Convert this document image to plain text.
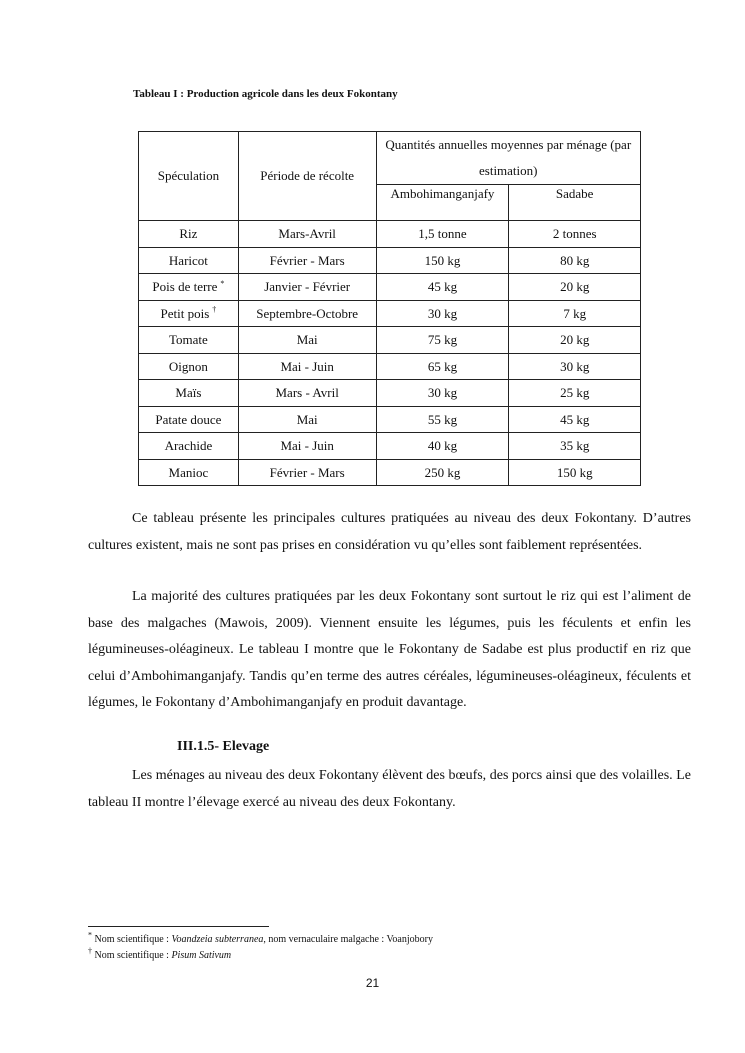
Tableau I : Production agricole dans les deux Fokontany
Spéculation	Période de récolte	Quantités annuelles moyennes par ménage (par estimation)	
		Ambohimanganjafy	Sadabe
Riz	Mars-Avril	1,5 tonne	2 tonnes
Haricot	Février - Mars	150 kg	80 kg
Pois de terre *	Janvier - Février	45 kg	20 kg
Petit pois †	Septembre-Octobre	30 kg	7 kg
Tomate	Mai	75 kg	20 kg
Oignon	Mai - Juin	65 kg	30 kg
Maïs	Mars - Avril	30 kg	25 kg
Patate douce	Mai	55 kg	45 kg
Arachide	Mai - Juin	40 kg	35 kg
Manioc	Février - Mars	250 kg	150 kg

Ce tableau présente les principales cultures pratiquées au niveau des deux Fokontany. D’autres cultures existent, mais ne sont pas prises en considération vu qu’elles sont faiblement représentées.

La majorité des cultures pratiquées par les deux Fokontany sont surtout le riz qui est l’aliment de base des malgaches (Mawois, 2009). Viennent ensuite les légumes, puis les féculents et enfin les légumineuses-oléagineux. Le tableau I montre que le Fokontany de Sadabe est plus productif en riz que celui d’Ambohimanganjafy. Tandis qu’en terme des autres céréales, légumineuses-oléagineux, féculents et légumes, le Fokontany d’Ambohimanganjafy en produit davantage.

III.1.5- Elevage

Les ménages au niveau des deux Fokontany élèvent des bœufs, des porcs ainsi que des volailles. Le tableau II montre l’élevage exercé au niveau des deux Fokontany.

* Nom scientifique : Voandzeia subterranea, nom vernaculaire malgache : Voanjobory
† Nom scientifique : Pisum Sativum
21
